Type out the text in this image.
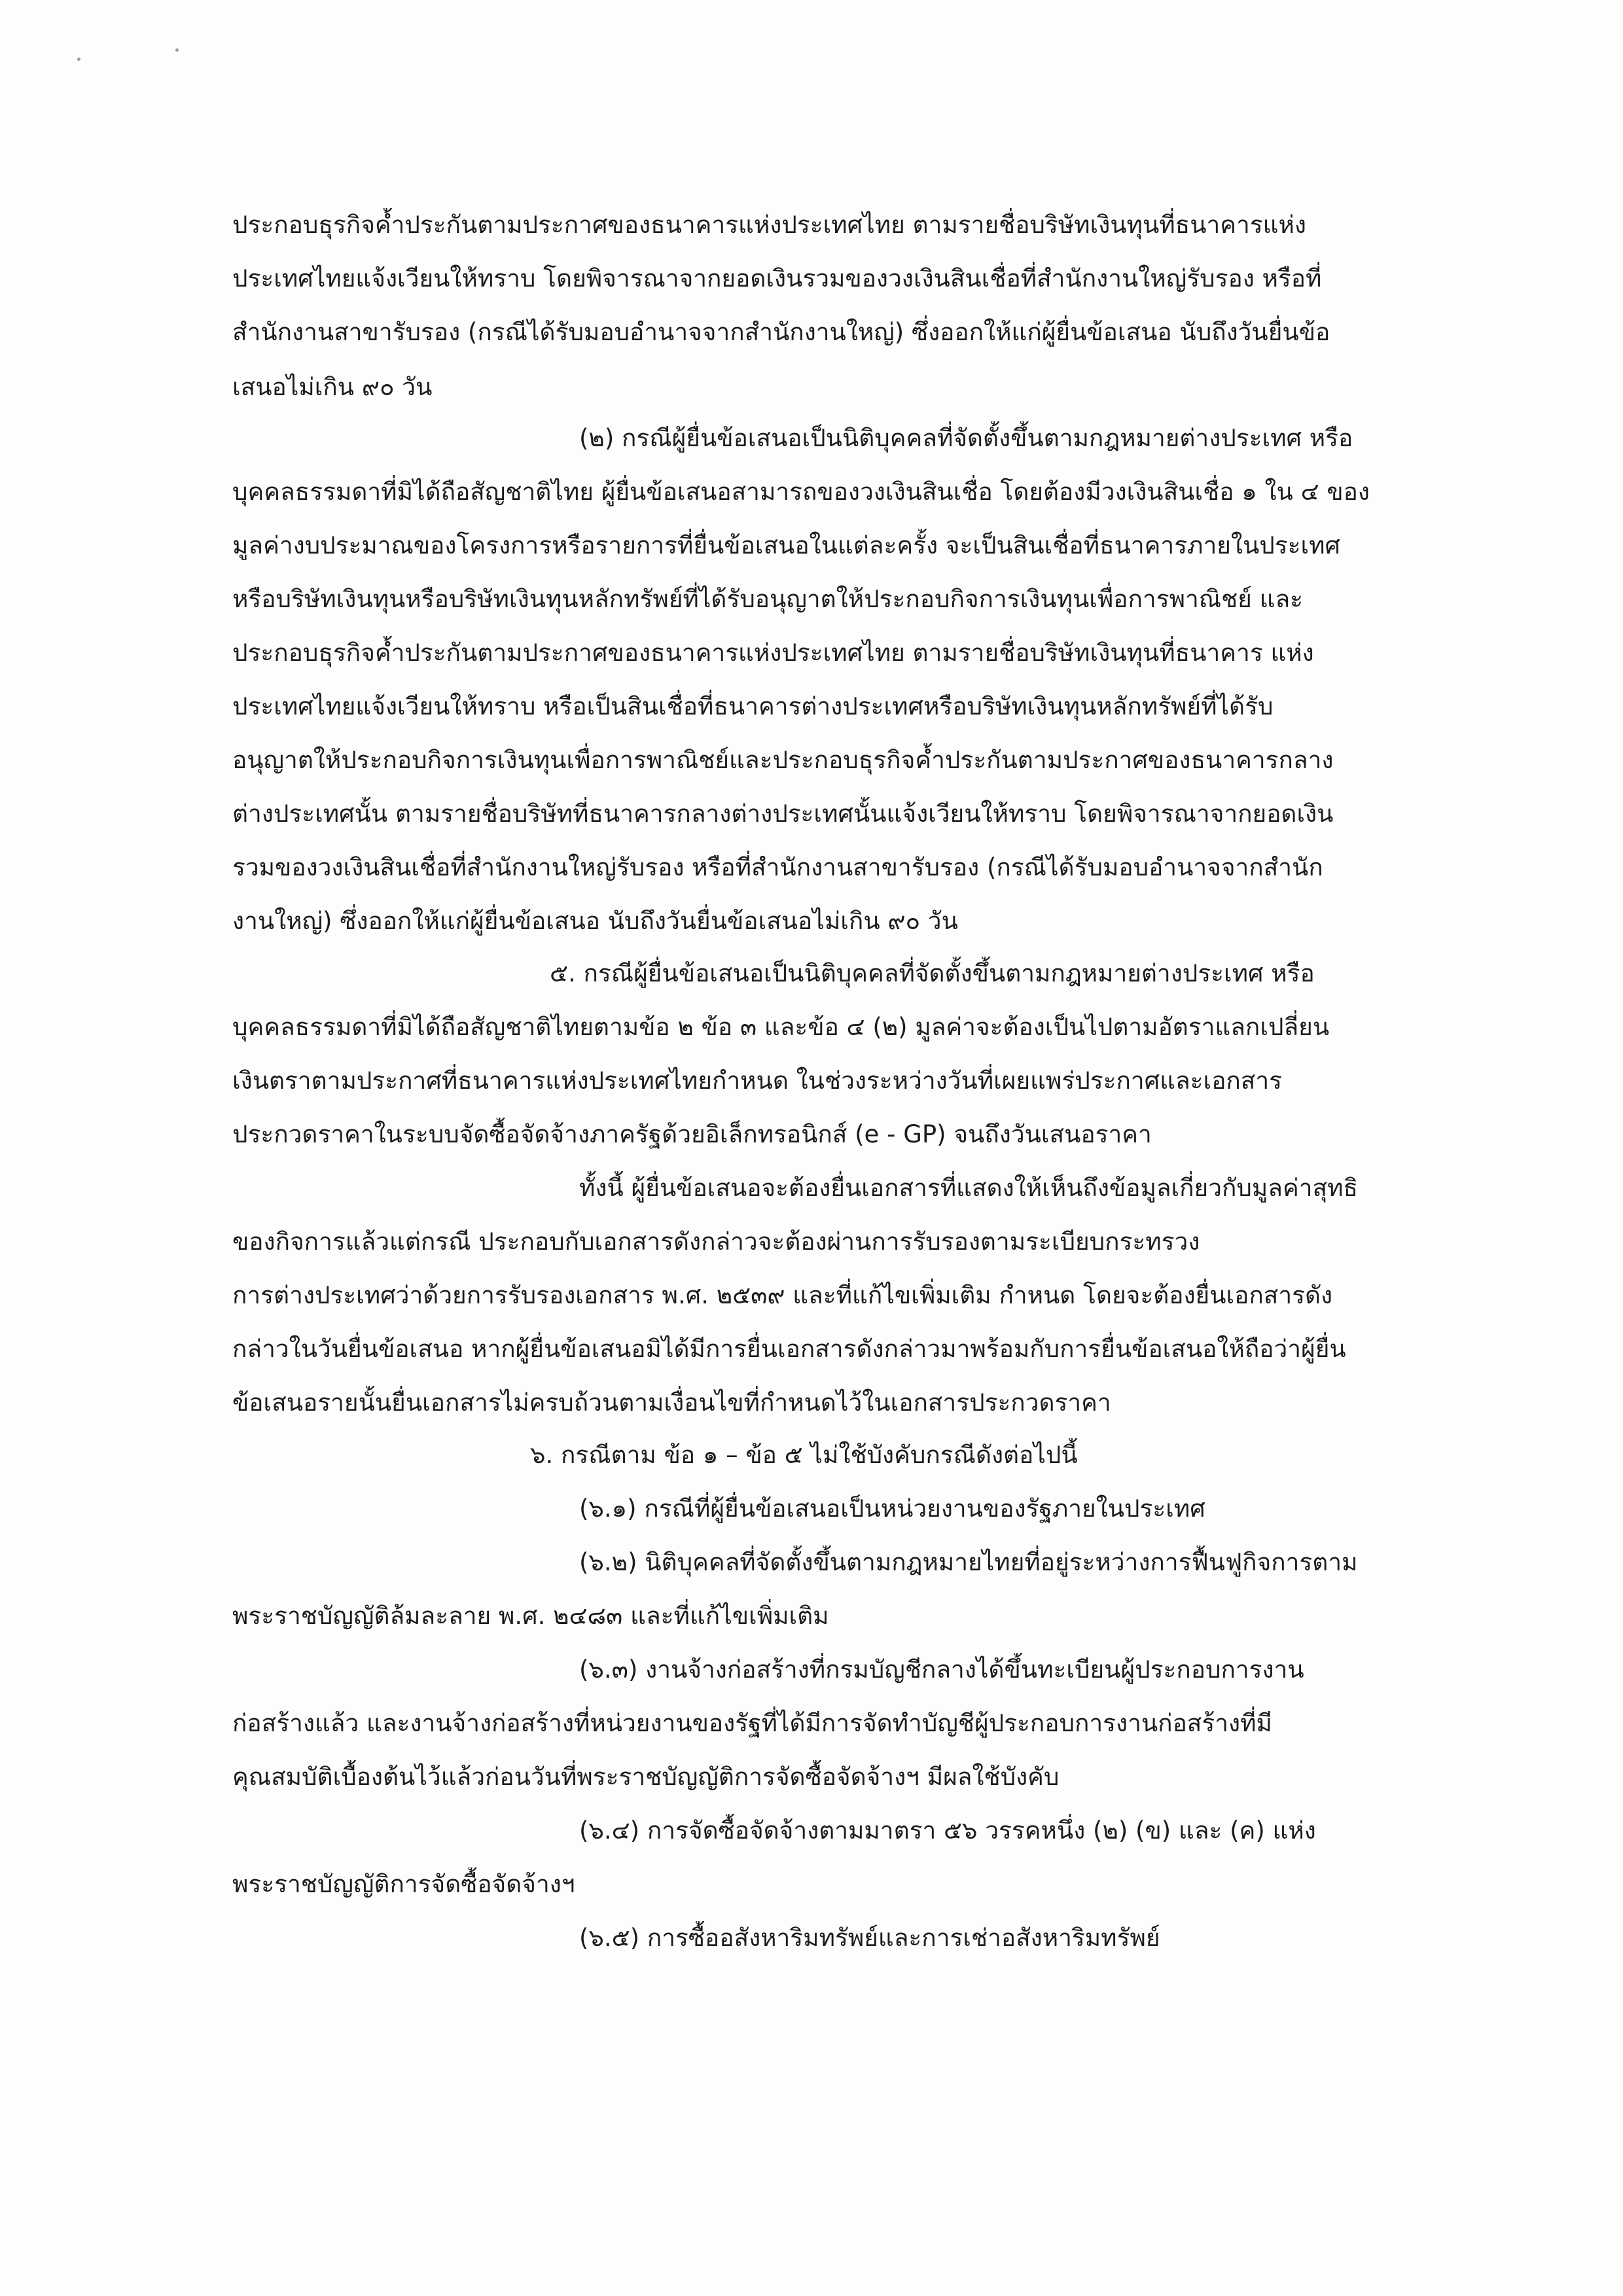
ประกอบธุรกิจค้ำประกันตามประกาศของธนาคารแห่งประเทศไทย ตามรายชื่อบริษัทเงินทุนที่ธนาคารแห่ง
ประเทศไทยแจ้งเวียนให้ทราบ โดยพิจารณาจากยอดเงินรวมของวงเงินสินเชื่อที่สำนักงานใหญ่รับรอง หรือที่
สำนักงานสาขารับรอง (กรณีได้รับมอบอำนาจจากสำนักงานใหญ่) ซึ่งออกให้แก่ผู้ยื่นข้อเสนอ นับถึงวันยื่นข้อ
เสนอไม่เกิน ๙๐ วัน
(๒) กรณีผู้ยื่นข้อเสนอเป็นนิติบุคคลที่จัดตั้งขึ้นตามกฎหมายต่างประเทศ หรือ
บุคคลธรรมดาที่มิได้ถือสัญชาติไทย ผู้ยื่นข้อเสนอสามารถของวงเงินสินเชื่อ โดยต้องมีวงเงินสินเชื่อ ๑ ใน ๔ ของ
มูลค่างบประมาณของโครงการหรือรายการที่ยื่นข้อเสนอในแต่ละครั้ง จะเป็นสินเชื่อที่ธนาคารภายในประเทศ
หรือบริษัทเงินทุนหรือบริษัทเงินทุนหลักทรัพย์ที่ได้รับอนุญาตให้ประกอบกิจการเงินทุนเพื่อการพาณิชย์ และ
ประกอบธุรกิจค้ำประกันตามประกาศของธนาคารแห่งประเทศไทย ตามรายชื่อบริษัทเงินทุนที่ธนาคาร แห่ง
ประเทศไทยแจ้งเวียนให้ทราบ หรือเป็นสินเชื่อที่ธนาคารต่างประเทศหรือบริษัทเงินทุนหลักทรัพย์ที่ได้รับ
อนุญาตให้ประกอบกิจการเงินทุนเพื่อการพาณิชย์และประกอบธุรกิจค้ำประกันตามประกาศของธนาคารกลาง
ต่างประเทศนั้น ตามรายชื่อบริษัทที่ธนาคารกลางต่างประเทศนั้นแจ้งเวียนให้ทราบ โดยพิจารณาจากยอดเงิน
รวมของวงเงินสินเชื่อที่สำนักงานใหญ่รับรอง หรือที่สำนักงานสาขารับรอง (กรณีได้รับมอบอำนาจจากสำนัก
งานใหญ่) ซึ่งออกให้แก่ผู้ยื่นข้อเสนอ นับถึงวันยื่นข้อเสนอไม่เกิน ๙๐ วัน
๕. กรณีผู้ยื่นข้อเสนอเป็นนิติบุคคลที่จัดตั้งขึ้นตามกฎหมายต่างประเทศ หรือ
บุคคลธรรมดาที่มิได้ถือสัญชาติไทยตามข้อ ๒ ข้อ ๓ และข้อ ๔ (๒) มูลค่าจะต้องเป็นไปตามอัตราแลกเปลี่ยน
เงินตราตามประกาศที่ธนาคารแห่งประเทศไทยกำหนด ในช่วงระหว่างวันที่เผยแพร่ประกาศและเอกสาร
ประกวดราคาในระบบจัดซื้อจัดจ้างภาครัฐด้วยอิเล็กทรอนิกส์ (e - GP) จนถึงวันเสนอราคา
ทั้งนี้ ผู้ยื่นข้อเสนอจะต้องยื่นเอกสารที่แสดงให้เห็นถึงข้อมูลเกี่ยวกับมูลค่าสุทธิ
ของกิจการแล้วแต่กรณี ประกอบกับเอกสารดังกล่าวจะต้องผ่านการรับรองตามระเบียบกระทรวง
การต่างประเทศว่าด้วยการรับรองเอกสาร พ.ศ. ๒๕๓๙ และที่แก้ไขเพิ่มเติม กำหนด โดยจะต้องยื่นเอกสารดัง
กล่าวในวันยื่นข้อเสนอ หากผู้ยื่นข้อเสนอมิได้มีการยื่นเอกสารดังกล่าวมาพร้อมกับการยื่นข้อเสนอให้ถือว่าผู้ยื่น
ข้อเสนอรายนั้นยื่นเอกสารไม่ครบถ้วนตามเงื่อนไขที่กำหนดไว้ในเอกสารประกวดราคา
๖. กรณีตาม ข้อ ๑ – ข้อ ๕ ไม่ใช้บังคับกรณีดังต่อไปนี้
(๖.๑) กรณีที่ผู้ยื่นข้อเสนอเป็นหน่วยงานของรัฐภายในประเทศ
(๖.๒) นิติบุคคลที่จัดตั้งขึ้นตามกฎหมายไทยที่อยู่ระหว่างการฟื้นฟูกิจการตาม
พระราชบัญญัติล้มละลาย พ.ศ. ๒๔๘๓ และที่แก้ไขเพิ่มเติม
(๖.๓) งานจ้างก่อสร้างที่กรมบัญชีกลางได้ขึ้นทะเบียนผู้ประกอบการงาน
ก่อสร้างแล้ว และงานจ้างก่อสร้างที่หน่วยงานของรัฐที่ได้มีการจัดทำบัญชีผู้ประกอบการงานก่อสร้างที่มี
คุณสมบัติเบื้องต้นไว้แล้วก่อนวันที่พระราชบัญญัติการจัดซื้อจัดจ้างฯ มีผลใช้บังคับ
(๖.๔) การจัดซื้อจัดจ้างตามมาตรา ๕๖ วรรคหนึ่ง (๒) (ข) และ (ค) แห่ง
พระราชบัญญัติการจัดซื้อจัดจ้างฯ
(๖.๕) การซื้ออสังหาริมทรัพย์และการเช่าอสังหาริมทรัพย์
